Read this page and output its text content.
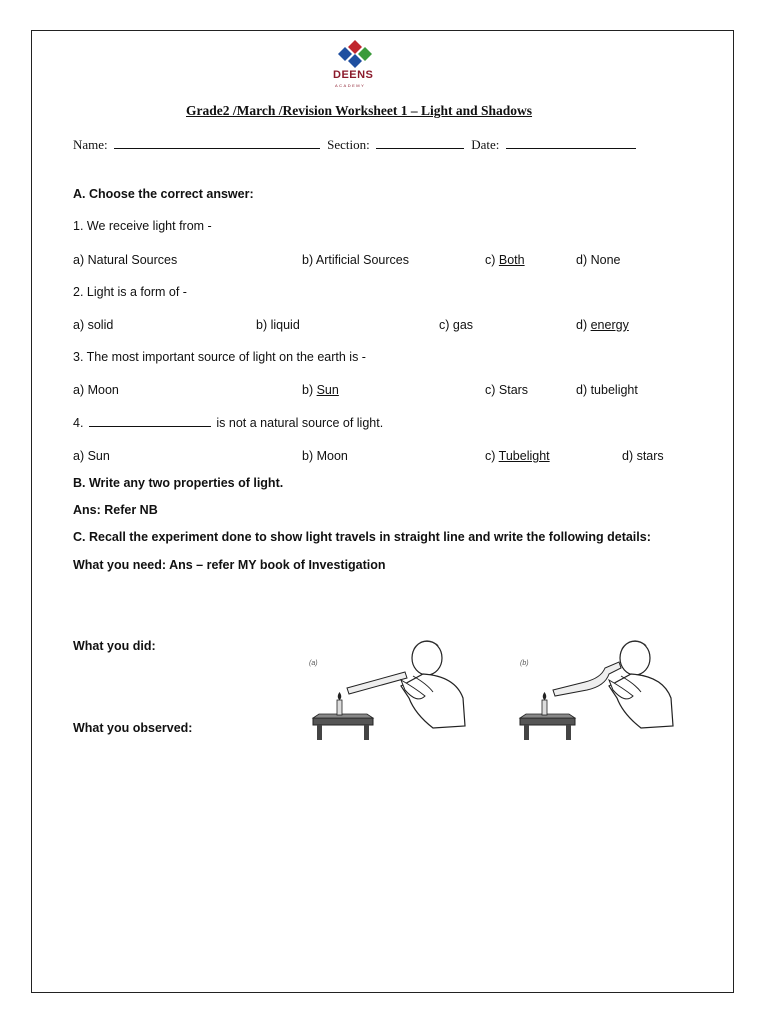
DEENS
ACADEMY
Grade2 /March /Revision Worksheet 1 – Light and Shadows
Name:	Section:	Date:
A. Choose the correct answer:
1. We receive light from -
a) Natural Sources	b) Artificial Sources	c) Both	d) None
2. Light is a form of -
a) solid	b) liquid	c) gas	d) energy
3. The most important source of light on the earth is -
a) Moon	b) Sun	c) Stars	d) tubelight
4.	is not a natural source of light.
a) Sun	b) Moon	c) Tubelight	d) stars
B. Write any two properties of light.
Ans: Refer NB
C. Recall the experiment done to show light travels in straight line and write the following details:
What you need: Ans – refer MY book of Investigation
What you did:
What you observed:
(a)	(b)
